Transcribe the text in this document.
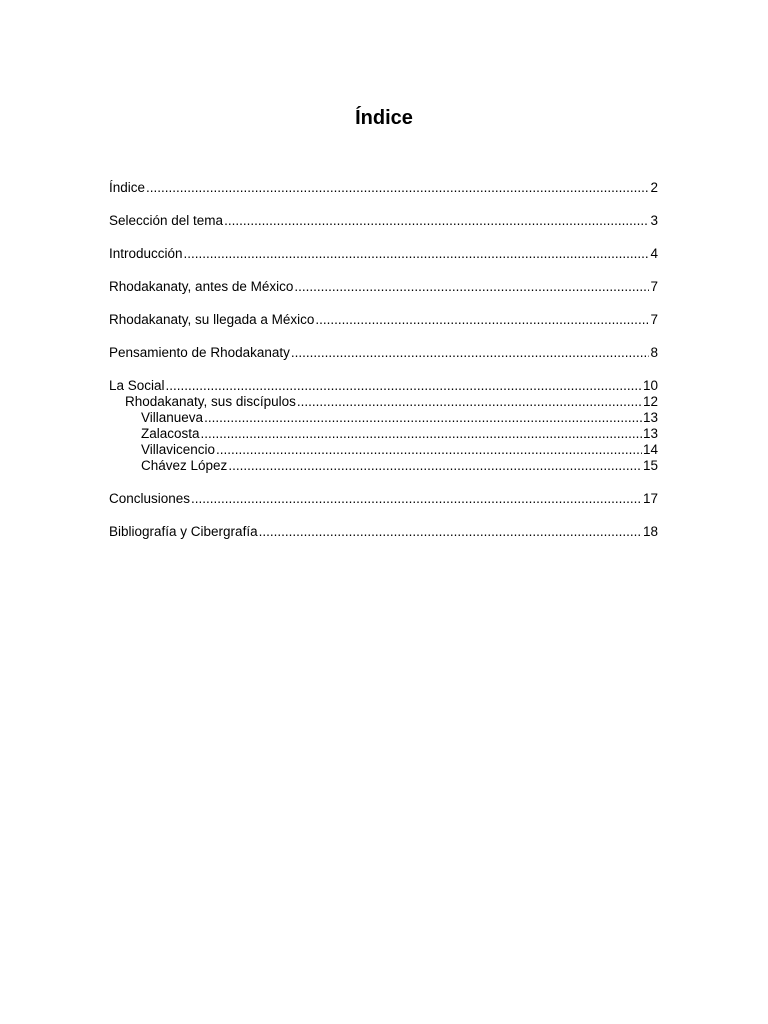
Índice
Índice .....	2
Selección del tema .....	3
Introducción .....	4
Rhodakanaty, antes de México .....	7
Rhodakanaty, su llegada a México .....	7
Pensamiento de Rhodakanaty .....	8
La Social .....	10
Rhodakanaty, sus discípulos .....	12
Villanueva .....	13
Zalacosta .....	13
Villavicencio .....	14
Chávez López .....	15
Conclusiones .....	17
Bibliografía y Cibergrafía .....	18
